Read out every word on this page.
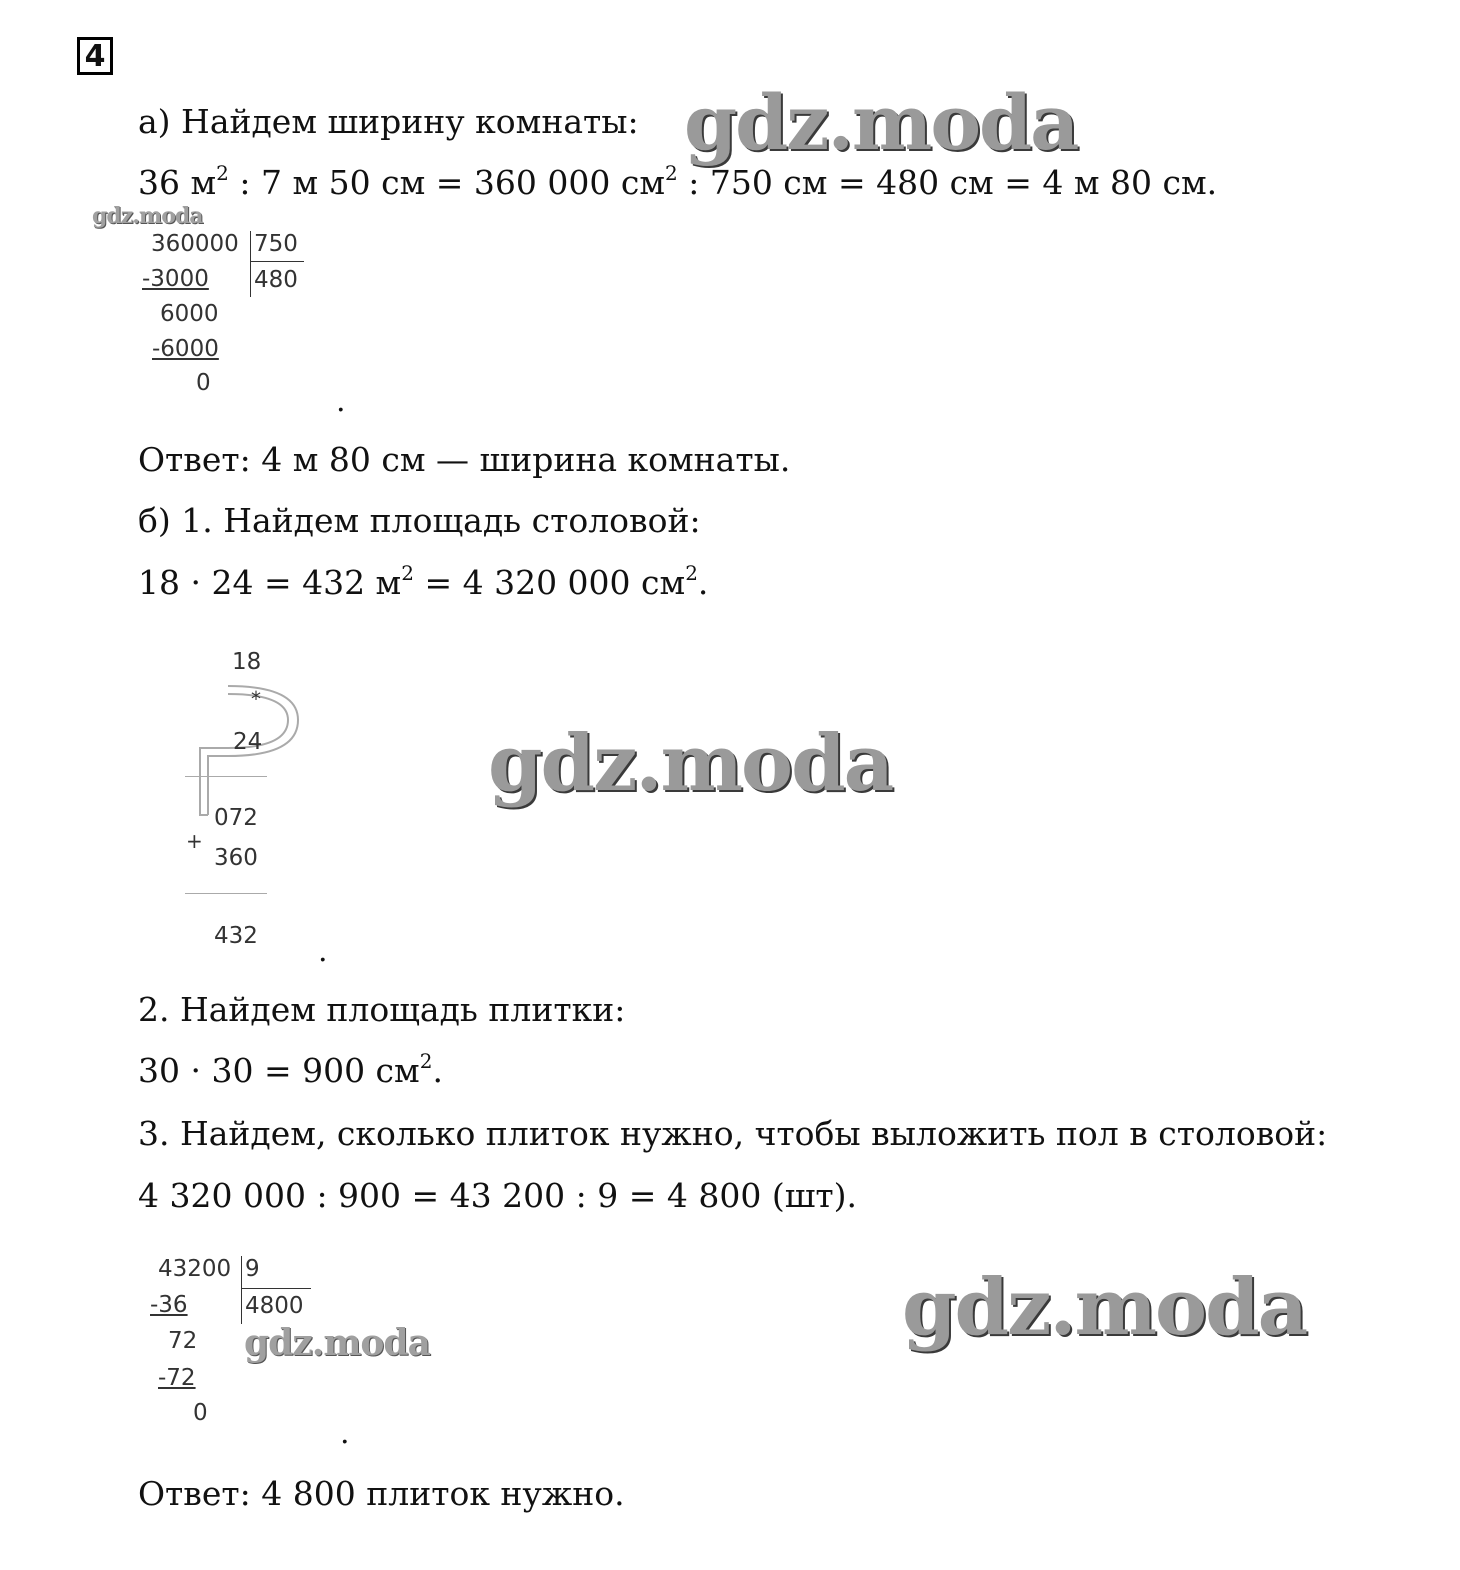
4
а) Найдем ширину комнаты:
36 $м^2$ : 7 м 50 см = 360 000 $см^2$ : 750 см = 480 см = 4 м 80 см.
360000 750
480
-3000
6000
-6000
0
.
Ответ: 4 м 80 см — ширина комнаты.
б) 1. Найдем площадь столовой:
18 · 24 = 432 $м^2 = 4$ 320 000 $см^2$.
18
*
24
072
+
360
432 .
2. Найдем площадь плитки:
30 · 30 = 900 $см^2$.
3. Найдем, сколько плиток нужно, чтобы выложить пол в столовой:
4 320 000 : 900 = 43 200 : 9 = 4 800 (шт).
43200 9
4800
-36
72
-72
0
.
Ответ: 4 800 плиток нужно.
gdz.moda
gdz.moda
gdz.moda
gdz.moda
gdz.moda
